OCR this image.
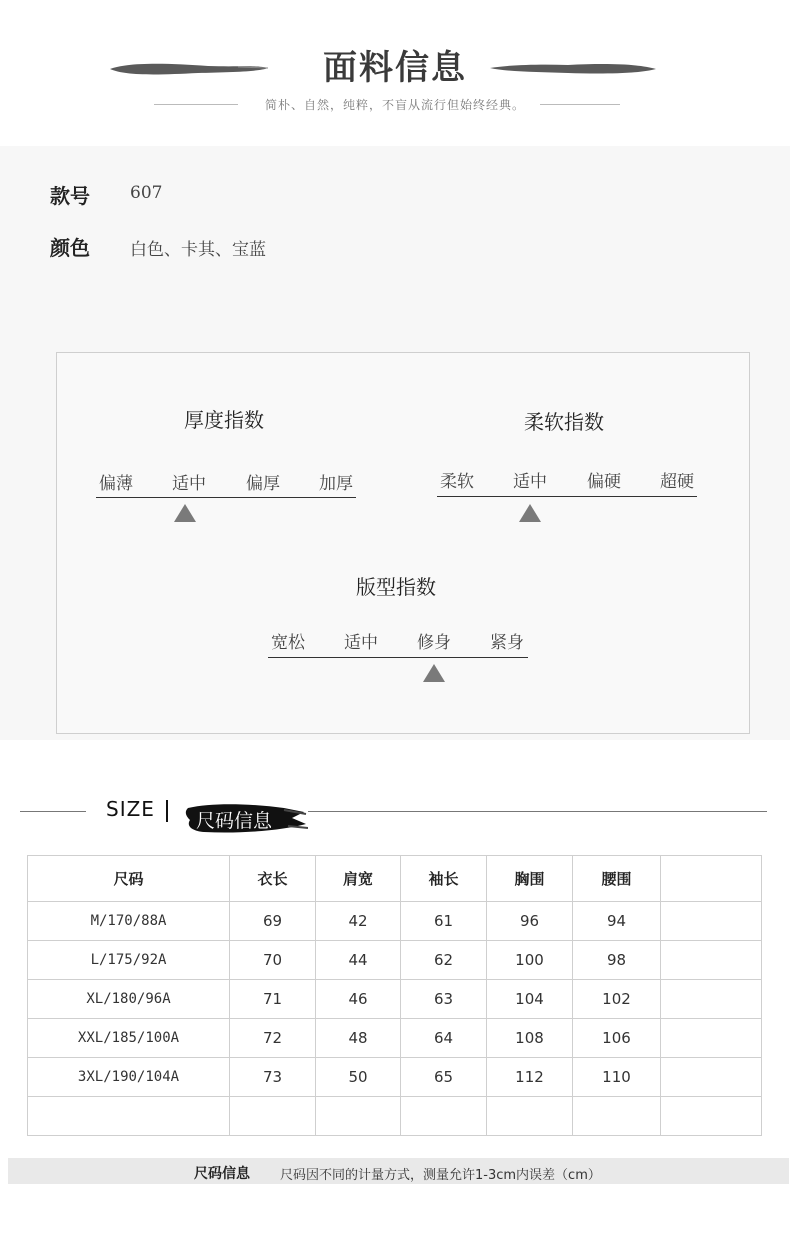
面料信息
简朴、自然，纯粹，不盲从流行但始终经典。
款号 607
颜色 白色、卡其、宝蓝
厚度指数
偏薄	适中	偏厚	加厚
柔软指数
柔软	适中	偏硬	超硬
版型指数
宽松	适中	修身	紧身
SIZE 尺码信息
尺码	衣长	肩宽	袖长	胸围	腰围	
M/170/88A	69	42	61	96	94	
L/175/92A	70	44	62	100	98	
XL/180/96A	71	46	63	104	102	
XXL/185/100A	72	48	64	108	106	
3XL/190/104A	73	50	65	112	110	

尺码信息 尺码因不同的计量方式，测量允许1-3cm内误差（cm）
